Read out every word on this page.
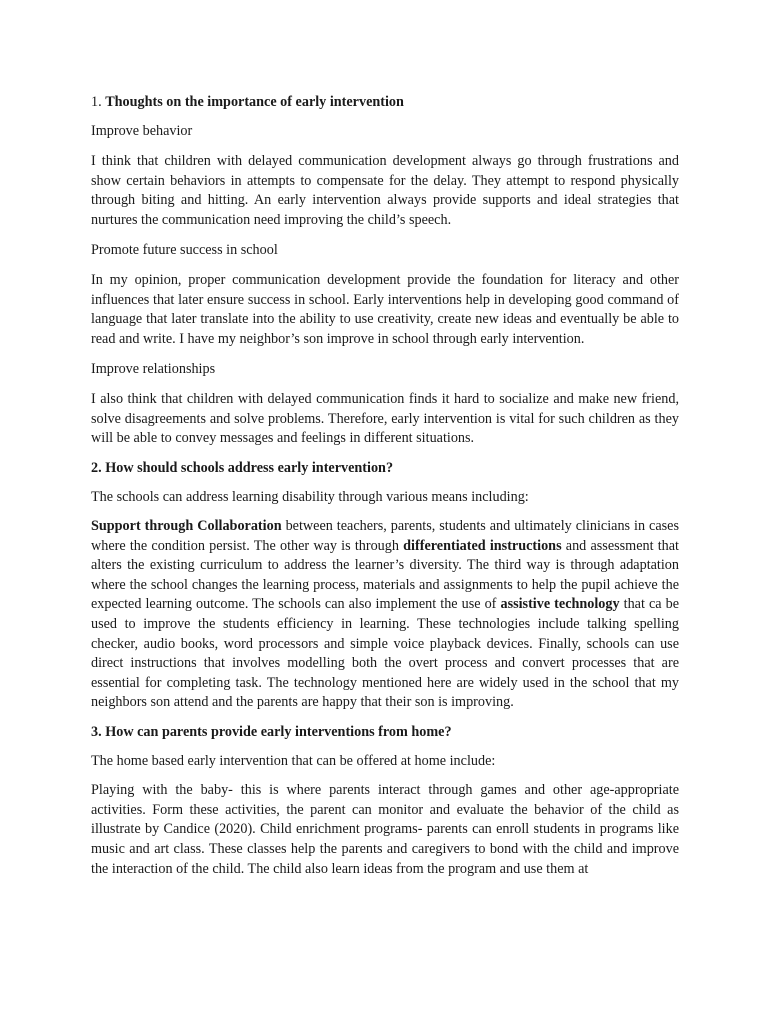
1. Thoughts on the importance of early intervention

Improve behavior

I think that children with delayed communication development always go through frustrations and show certain behaviors in attempts to compensate for the delay. They attempt to respond physically through biting and hitting. An early intervention always provide supports and ideal strategies that nurtures the communication need improving the child’s speech.

Promote future success in school

In my opinion, proper communication development provide the foundation for literacy and other influences that later ensure success in school. Early interventions help in developing good command of language that later translate into the ability to use creativity, create new ideas and eventually be able to read and write. I have my neighbor’s son improve in school through early intervention.

Improve relationships

I also think that children with delayed communication finds it hard to socialize and make new friend, solve disagreements and solve problems. Therefore, early intervention is vital for such children as they will be able to convey messages and feelings in different situations.

2. How should schools address early intervention?

The schools can address learning disability through various means including:

Support through Collaboration between teachers, parents, students and ultimately clinicians in cases where the condition persist. The other way is through differentiated instructions and assessment that alters the existing curriculum to address the learner’s diversity. The third way is through adaptation where the school changes the learning process, materials and assignments to help the pupil achieve the expected learning outcome. The schools can also implement the use of assistive technology that ca be used to improve the students efficiency in learning. These technologies include talking spelling checker, audio books, word processors and simple voice playback devices. Finally, schools can use direct instructions that involves modelling both the overt process and convert processes that are essential for completing task. The technology mentioned here are widely used in the school that my neighbors son attend and the parents are happy that their son is improving.

3. How can parents provide early interventions from home?

The home based early intervention that can be offered at home include:

Playing with the baby- this is where parents interact through games and other age-appropriate activities. Form these activities, the parent can monitor and evaluate the behavior of the child as illustrate by Candice (2020). Child enrichment programs- parents can enroll students in programs like music and art class. These classes help the parents and caregivers to bond with the child and improve the interaction of the child. The child also learn ideas from the program and use them at
